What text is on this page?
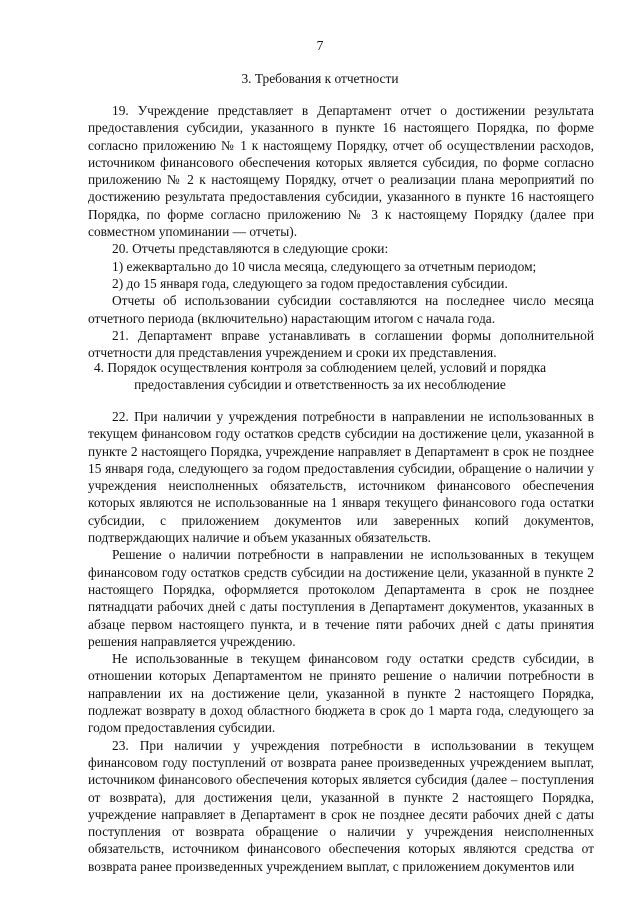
7
3. Требования к отчетности

19. Учреждение представляет в Департамент отчет о достижении результата предоставления субсидии, указанного в пункте 16 настоящего Порядка, по форме согласно приложению № 1 к настоящему Порядку, отчет об осуществлении расходов, источником финансового обеспечения которых является субсидия, по форме согласно приложению № 2 к настоящему Порядку, отчет о реализации плана мероприятий по достижению результата предоставления субсидии, указанного в пункте 16 настоящего Порядка, по форме согласно приложению № 3 к настоящему Порядку (далее при совместном упоминании — отчеты).

20. Отчеты представляются в следующие сроки:

1) ежеквартально до 10 числа месяца, следующего за отчетным периодом;

2) до 15 января года, следующего за годом предоставления субсидии.

Отчеты об использовании субсидии составляются на последнее число месяца отчетного периода (включительно) нарастающим итогом с начала года.

21. Департамент вправе устанавливать в соглашении формы дополнительной отчетности для представления учреждением и сроки их представления.

4. Порядок осуществления контроля за соблюдением целей, условий и порядка
предоставления субсидии и ответственность за их несоблюдение

22. При наличии у учреждения потребности в направлении не использованных в текущем финансовом году остатков средств субсидии на достижение цели, указанной в пункте 2 настоящего Порядка, учреждение направляет в Департамент в срок не позднее 15 января года, следующего за годом предоставления субсидии, обращение о наличии у учреждения неисполненных обязательств, источником финансового обеспечения которых являются не использованные на 1 января текущего финансового года остатки субсидии, с приложением документов или заверенных копий документов, подтверждающих наличие и объем указанных обязательств.

Решение о наличии потребности в направлении не использованных в текущем финансовом году остатков средств субсидии на достижение цели, указанной в пункте 2 настоящего Порядка, оформляется протоколом Департамента в срок не позднее пятнадцати рабочих дней с даты поступления в Департамент документов, указанных в абзаце первом настоящего пункта, и в течение пяти рабочих дней с даты принятия решения направляется учреждению.

Не использованные в текущем финансовом году остатки средств субсидии, в отношении которых Департаментом не принято решение о наличии потребности в направлении их на достижение цели, указанной в пункте 2 настоящего Порядка, подлежат возврату в доход областного бюджета в срок до 1 марта года, следующего за годом предоставления субсидии.

23. При наличии у учреждения потребности в использовании в текущем финансовом году поступлений от возврата ранее произведенных учреждением выплат, источником финансового обеспечения которых является субсидия (далее – поступления от возврата), для достижения цели, указанной в пункте 2 настоящего Порядка, учреждение направляет в Департамент в срок не позднее десяти рабочих дней с даты поступления от возврата обращение о наличии у учреждения неисполненных обязательств, источником финансового обеспечения которых являются средства от возврата ранее произведенных учреждением выплат, с приложением документов или
